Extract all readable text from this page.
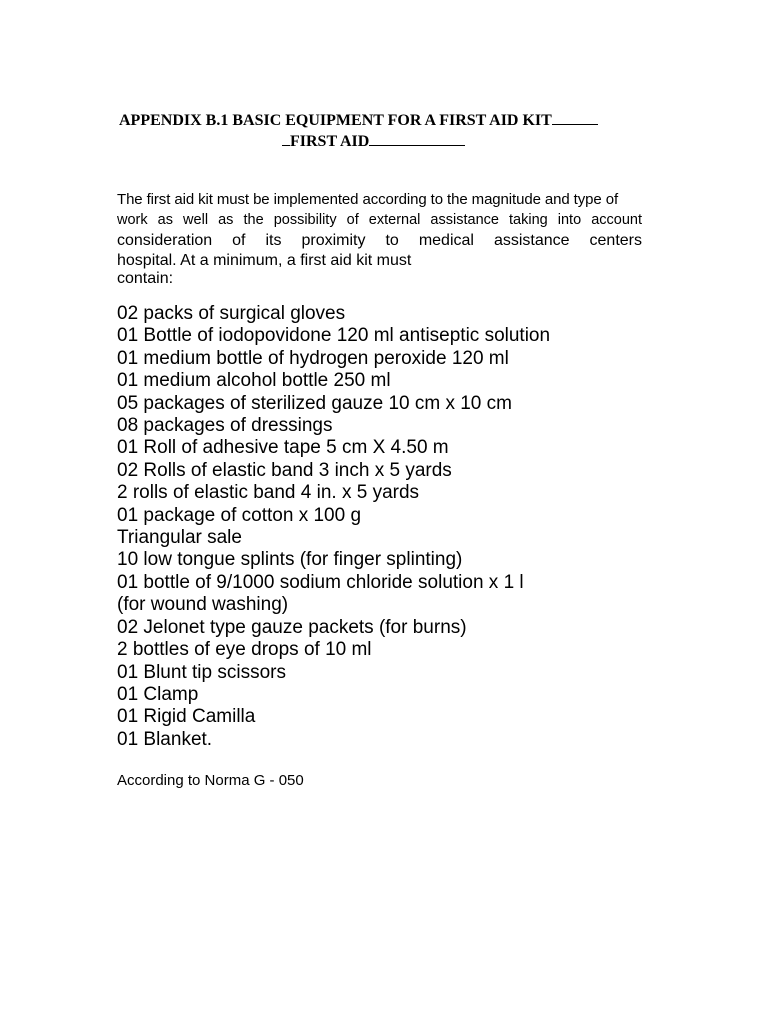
APPENDIX B.1 BASIC EQUIPMENT FOR A FIRST AID KIT
FIRST AID
The first aid kit must be implemented according to the magnitude and type of
work as well as the possibility of external assistance taking into account
consideration of its proximity to medical assistance centers
hospital. At a minimum, a first aid kit must
contain:
02 packs of surgical gloves
01 Bottle of iodopovidone 120 ml antiseptic solution
01 medium bottle of hydrogen peroxide 120 ml
01 medium alcohol bottle 250 ml
05 packages of sterilized gauze 10 cm x 10 cm
08 packages of dressings
01 Roll of adhesive tape 5 cm X 4.50 m
02 Rolls of elastic band 3 inch x 5 yards
2 rolls of elastic band 4 in. x 5 yards
01 package of cotton x 100 g
Triangular sale
10 low tongue splints (for finger splinting)
01 bottle of 9/1000 sodium chloride solution x 1 l
(for wound washing)
02 Jelonet type gauze packets (for burns)
2 bottles of eye drops of 10 ml
01 Blunt tip scissors
01 Clamp
01 Rigid Camilla
01 Blanket.
According to Norma G - 050
